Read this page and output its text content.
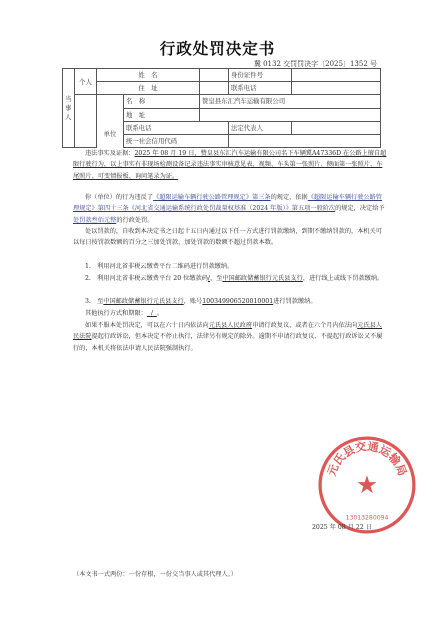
行政处罚决定书
冀 0132 交罚罚决字〔2025〕1352 号
当事人	个人	姓　名			身份证件号	
		住　址			联系电话	
			名　称	赞皇县东汇汽车运输有限公司		
			地　址			
		单位	联系电话		法定代表人	
			统一社会信用代码			

违法事实及证据：2025 年 08 月 19 日，赞皇县东汇汽车运输有限公司名下车辆冀A47336D 在公路上擅自超限行驶行为，以上事实有非现场检测设备记录违法事实审核意见表、视频、车头第一张照片、侧面第一张照片、车尾照片、可变情报板、询问笔录为证。

你（单位）的行为违反了《超限运输车辆行驶公路管理规定》第三条的规定，依据《超限运输车辆行驶公路管理规定》第四十三条《河北省交通运输系统行政处罚裁量权基准（2024 年版）》第五项一般阶次的规定，决定给予处罚款叁佰元整的行政处罚。

处以罚款的，自收到本决定书之日起十五日内通过以下任一方式进行罚款缴纳，到期不缴纳罚款的，本机关可以每日按罚款数额的百分之三加处罚款，加处罚款的数额不超过罚款本数。

1.　利用河北省非税云缴费平台二维码进行罚款缴纳。

2.　利用河北省非税云缴费平台 20 位缴款码/，至中国邮政储蓄银行元氏县支行，进行线上或线下罚款缴纳。

3.　至中国邮政储蓄银行元氏县支行，账号100349906520010001进行罚款缴纳。

其他执行方式和期限： / 。

如果不服本处罚决定，可以在六十日内依法向元氏县人民政府申请行政复议，或者在六个月内依法向元氏县人民法院提起行政诉讼，但本决定不停止执行，法律另有规定的除外。逾期不申请行政复议、不提起行政诉讼又不履行的，本机关将依法申请人民法院强制执行。

元氏县交通运输局
★
13013280094
2025 年 08 月 22 日
（本文书一式两份：一份存根，一份交当事人或其代理人。）
